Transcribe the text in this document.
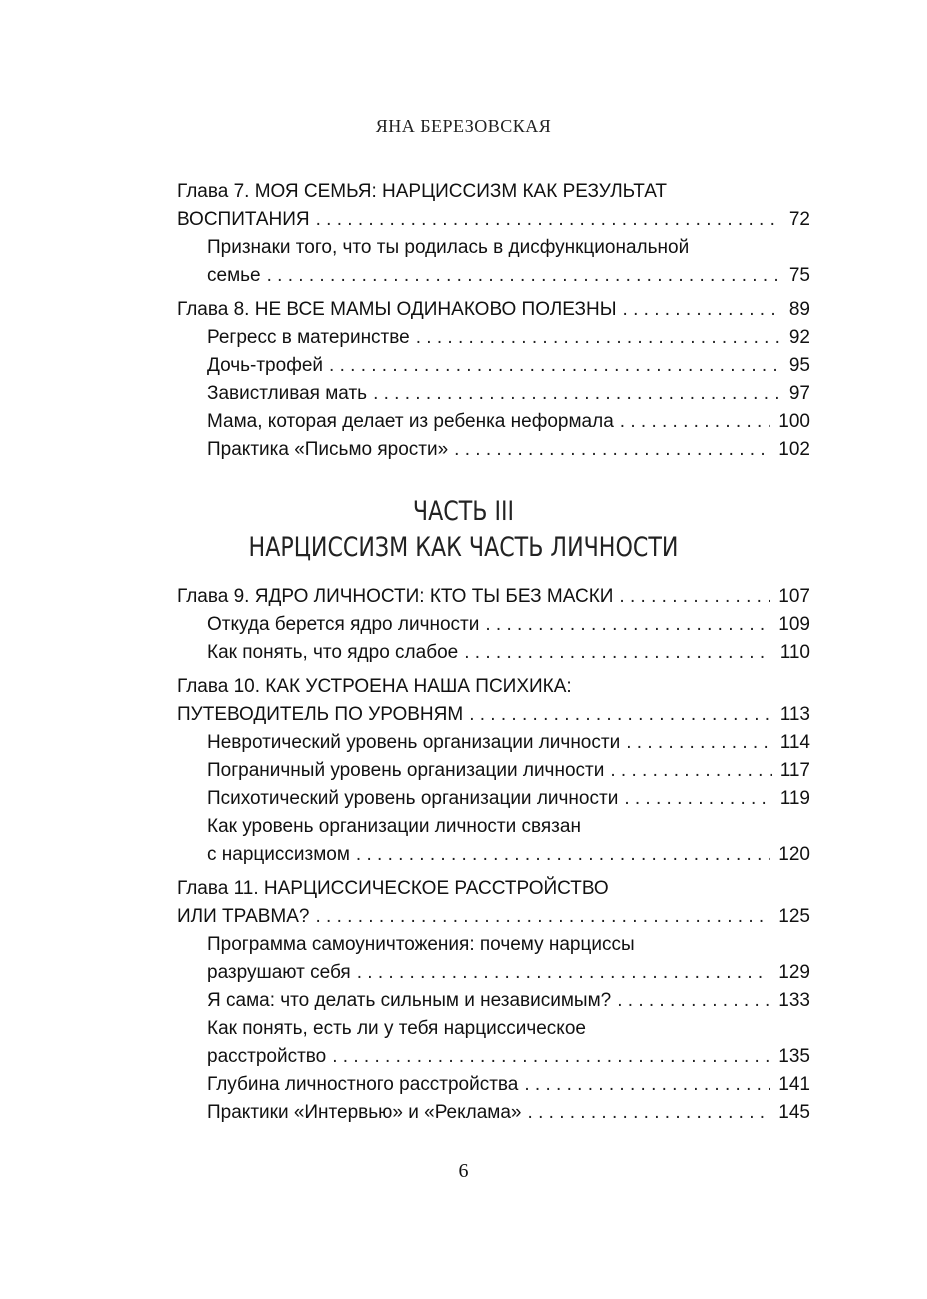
ЯНА БЕРЕЗОВСКАЯ
Глава 7. МОЯ СЕМЬЯ: НАРЦИССИЗМ КАК РЕЗУЛЬТАТ
ВОСПИТАНИЯ . . .	72
Признаки того, что ты родилась в дисфункциональной
семье . . .	75
Глава 8. НЕ ВСЕ МАМЫ ОДИНАКОВО ПОЛЕЗНЫ . . .	89
Регресс в материнстве . . .	92
Дочь-трофей . . .	95
Завистливая мать . . .	97
Мама, которая делает из ребенка неформала . . .	100
Практика «Письмо ярости» . . .	102
ЧАСТЬ III
НАРЦИССИЗМ КАК ЧАСТЬ ЛИЧНОСТИ
Глава 9. ЯДРО ЛИЧНОСТИ: КТО ТЫ БЕЗ МАСКИ . . .	107
Откуда берется ядро личности . . .	109
Как понять, что ядро слабое . . .	110
Глава 10. КАК УСТРОЕНА НАША ПСИХИКА:
ПУТЕВОДИТЕЛЬ ПО УРОВНЯМ . . .	113
Невротический уровень организации личности . . .	114
Пограничный уровень организации личности . . .	117
Психотический уровень организации личности . . .	119
Как уровень организации личности связан
с нарциссизмом . . .	120
Глава 11. НАРЦИССИЧЕСКОЕ РАССТРОЙСТВО
ИЛИ ТРАВМА? . . .	125
Программа самоуничтожения: почему нарциссы
разрушают себя . . .	129
Я сама: что делать сильным и независимым? . . .	133
Как понять, есть ли у тебя нарциссическое
расстройство . . .	135
Глубина личностного расстройства . . .	141
Практики «Интервью» и «Реклама» . . .	145
6
